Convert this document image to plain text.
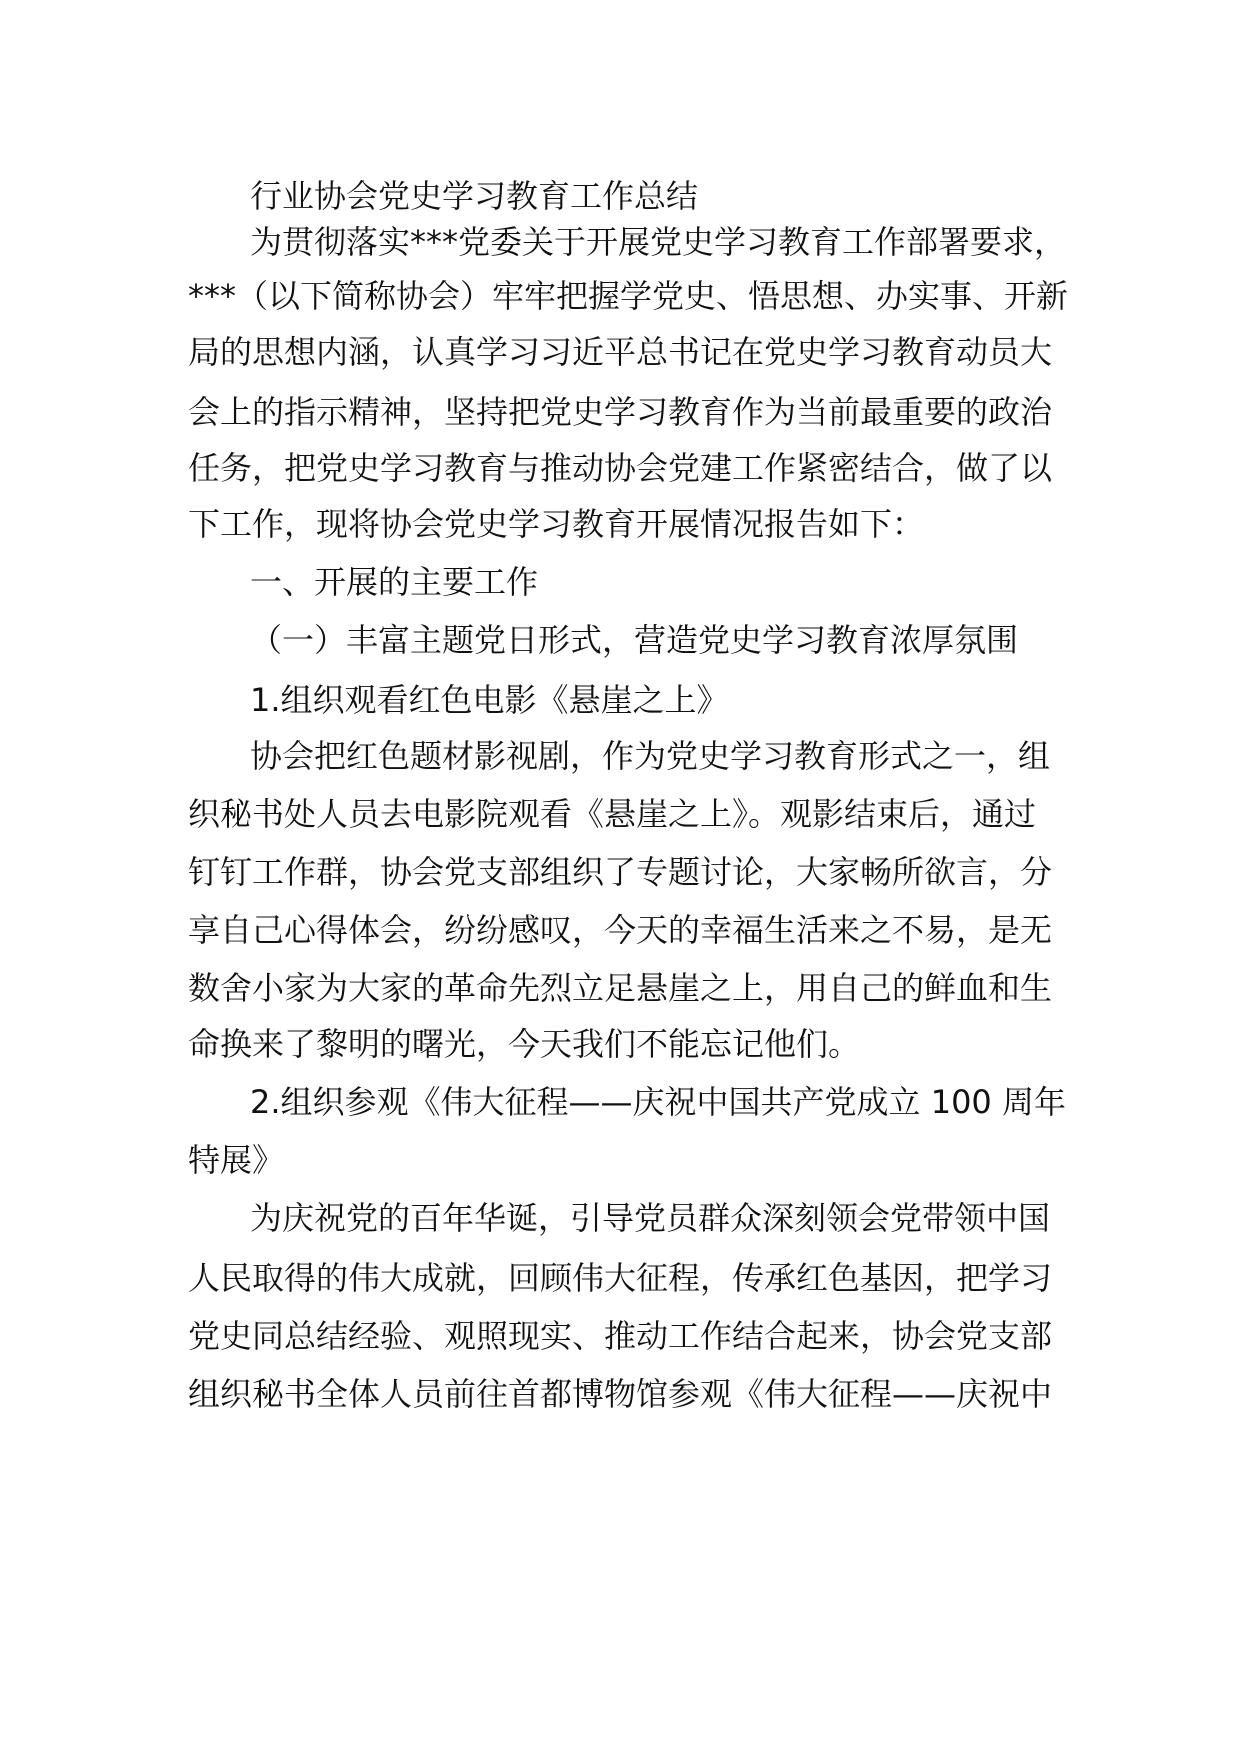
行业协会党史学习教育工作总结
为贯彻落实***党委关于开展党史学习教育工作部署要求，
***（以下简称协会）牢牢把握学党史、悟思想、办实事、开新
局的思想内涵，认真学习习近平总书记在党史学习教育动员大
会上的指示精神，坚持把党史学习教育作为当前最重要的政治
任务，把党史学习教育与推动协会党建工作紧密结合，做了以
下工作，现将协会党史学习教育开展情况报告如下：
一、开展的主要工作
（一）丰富主题党日形式，营造党史学习教育浓厚氛围
1.组织观看红色电影《悬崖之上》
协会把红色题材影视剧，作为党史学习教育形式之一，组
织秘书处人员去电影院观看《悬崖之上》。观影结束后，通过
钉钉工作群，协会党支部组织了专题讨论，大家畅所欲言，分
享自己心得体会，纷纷感叹，今天的幸福生活来之不易，是无
数舍小家为大家的革命先烈立足悬崖之上，用自己的鲜血和生
命换来了黎明的曙光，今天我们不能忘记他们。
2.组织参观《伟大征程——庆祝中国共产党成立 100 周年
特展》
为庆祝党的百年华诞，引导党员群众深刻领会党带领中国
人民取得的伟大成就，回顾伟大征程，传承红色基因，把学习
党史同总结经验、观照现实、推动工作结合起来，协会党支部
组织秘书全体人员前往首都博物馆参观《伟大征程——庆祝中
